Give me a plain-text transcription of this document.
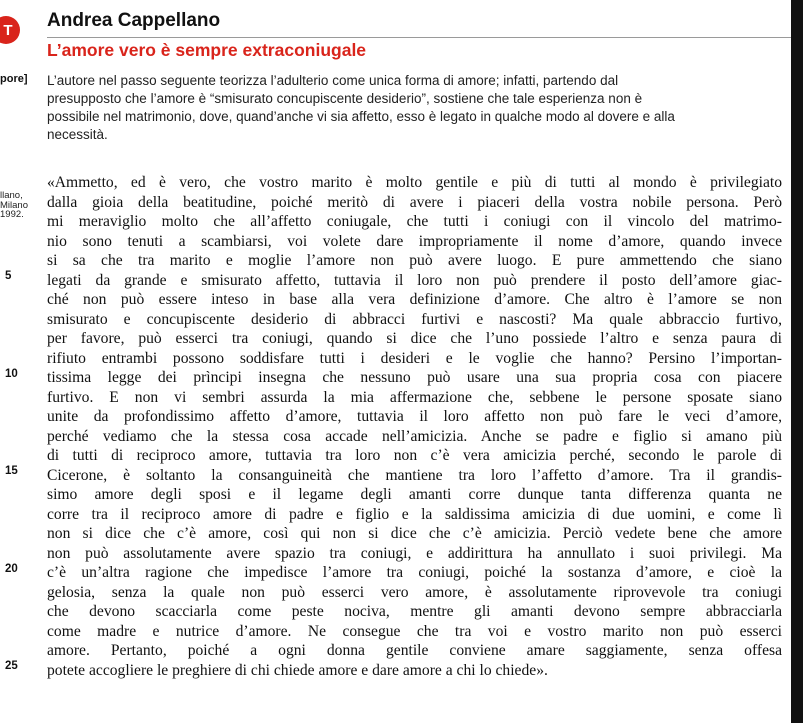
T	Andrea Cappellano
L’amore vero è sempre extraconiugale
pore] L’autore nel passo seguente teorizza l’adulterio come unica forma di amore; infatti, partendo dal
presupposto che l’amore è “smisurato concupiscente desiderio”, sostiene che tale esperienza non è
possibile nel matrimonio, dove, quand’anche vi sia affetto, esso è legato in qualche modo al dovere e alla
necessità.
llano,
Milano
1992.
«Ammetto, ed è vero, che vostro marito è molto gentile e più di tutti al mondo è privilegiato
dalla gioia della beatitudine, poiché meritò di avere i piaceri della vostra nobile persona. Però
mi meraviglio molto che all’affetto coniugale, che tutti i coniugi con il vincolo del matrimo-
nio sono tenuti a scambiarsi, voi volete dare impropriamente il nome d’amore, quando invece
si sa che tra marito e moglie l’amore non può avere luogo. E pure ammettendo che siano
legati da grande e smisurato affetto, tuttavia il loro non può prendere il posto dell’amore giac-
ché non può essere inteso in base alla vera definizione d’amore. Che altro è l’amore se non
smisurato e concupiscente desiderio di abbracci furtivi e nascosti? Ma quale abbraccio furtivo,
per favore, può esserci tra coniugi, quando si dice che l’uno possiede l’altro e senza paura di
rifiuto entrambi possono soddisfare tutti i desideri e le voglie che hanno? Persino l’importan-
tissima legge dei prìncipi insegna che nessuno può usare una sua propria cosa con piacere
furtivo. E non vi sembri assurda la mia affermazione che, sebbene le persone sposate siano
unite da profondissimo affetto d’amore, tuttavia il loro affetto non può fare le veci d’amore,
perché vediamo che la stessa cosa accade nell’amicizia. Anche se padre e figlio si amano più
di tutti di reciproco amore, tuttavia tra loro non c’è vera amicizia perché, secondo le parole di
Cicerone, è soltanto la consanguineità che mantiene tra loro l’affetto d’amore. Tra il grandis-
simo amore degli sposi e il legame degli amanti corre dunque tanta differenza quanta ne
corre tra il reciproco amore di padre e figlio e la saldissima amicizia di due uomini, e come lì
non si dice che c’è amore, così qui non si dice che c’è amicizia. Perciò vedete bene che amore
non può assolutamente avere spazio tra coniugi, e addirittura ha annullato i suoi privilegi. Ma
c’è un’altra ragione che impedisce l’amore tra coniugi, poiché la sostanza d’amore, e cioè la
gelosia, senza la quale non può esserci vero amore, è assolutamente riprovevole tra coniugi
che devono scacciarla come peste nociva, mentre gli amanti devono sempre abbracciarla
come madre e nutrice d’amore. Ne consegue che tra voi e vostro marito non può esserci
amore. Pertanto, poiché a ogni donna gentile conviene amare saggiamente, senza offesa
potete accogliere le preghiere di chi chiede amore e dare amore a chi lo chiede».
5
10
15
20
25
